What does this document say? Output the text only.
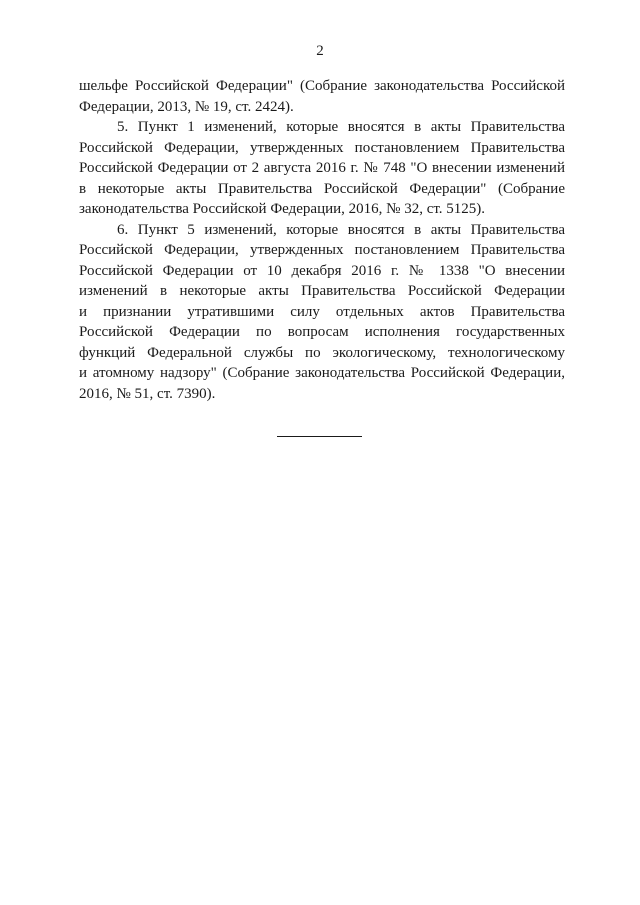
2
шельфе Российской Федерации" (Собрание законодательства Российской
Федерации, 2013, № 19, ст. 2424).
5. Пункт 1 изменений, которые вносятся в акты Правительства
Российской Федерации, утвержденных постановлением Правительства
Российской Федерации от 2 августа 2016 г. № 748 "О внесении изменений
в некоторые акты Правительства Российской Федерации" (Собрание
законодательства Российской Федерации, 2016, № 32, ст. 5125).
6. Пункт 5 изменений, которые вносятся в акты Правительства
Российской Федерации, утвержденных постановлением Правительства
Российской Федерации от 10 декабря 2016 г. № 1338 "О внесении
изменений в некоторые акты Правительства Российской Федерации
и признании утратившими силу отдельных актов Правительства
Российской Федерации по вопросам исполнения государственных
функций Федеральной службы по экологическому, технологическому
и атомному надзору" (Собрание законодательства Российской Федерации,
2016, № 51, ст. 7390).
